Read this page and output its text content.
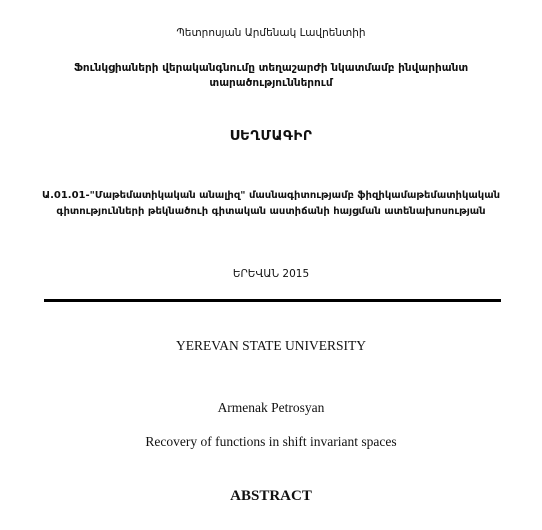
Պետրոսյան Արմենակ Լավրենտիի
Ֆունկցիաների վերականգնումը տեղաշարժի նկատմամբ ինվարիանտ
տարածություններում
ՍԵՂՄԱԳԻՐ
Ա.01.01-"Մաթեմատիկական անալիզ" մասնագիտությամբ ֆիզիկամաթեմատիկական
գիտությունների թեկնածուի գիտական աստիճանի հայցման ատենախոսության
ԵՐԵՎԱՆ 2015
YEREVAN STATE UNIVERSITY
Armenak Petrosyan
Recovery of functions in shift invariant spaces
ABSTRACT
